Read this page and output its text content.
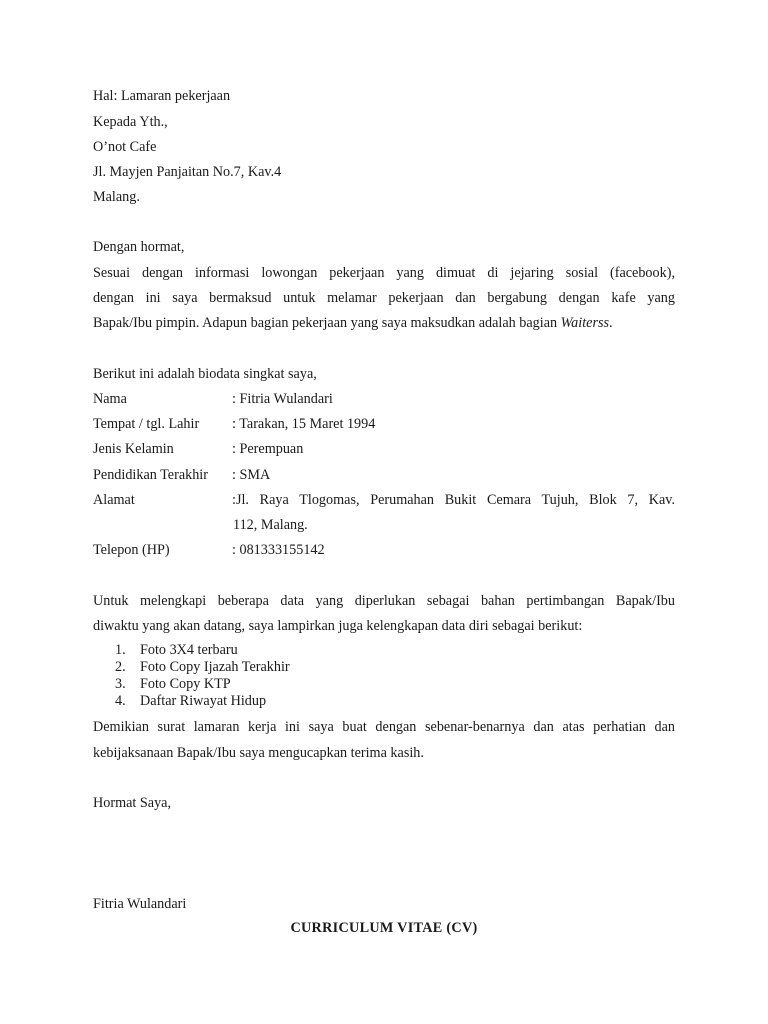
Hal: Lamaran pekerjaan
Kepada Yth.,
O’not Cafe
Jl. Mayjen Panjaitan No.7, Kav.4
Malang.
Dengan hormat,
Sesuai dengan informasi lowongan pekerjaan yang dimuat di jejaring sosial (facebook),
dengan ini saya bermaksud untuk melamar pekerjaan dan bergabung dengan kafe yang
Bapak/Ibu pimpin. Adapun bagian pekerjaan yang saya maksudkan adalah bagian Waiterss.
Berikut ini adalah biodata singkat saya,
Nama	: Fitria Wulandari
Tempat / tgl. Lahir : Tarakan, 15 Maret 1994
Jenis Kelamin	: Perempuan
Pendidikan Terakhir : SMA
Alamat	:Jl. Raya Tlogomas, Perumahan Bukit Cemara Tujuh, Blok 7, Kav.
112, Malang.
Telepon (HP)	: 081333155142
Untuk melengkapi beberapa data yang diperlukan sebagai bahan pertimbangan Bapak/Ibu
diwaktu yang akan datang, saya lampirkan juga kelengkapan data diri sebagai berikut:
1. Foto 3X4 terbaru
2. Foto Copy Ijazah Terakhir
3. Foto Copy KTP
4. Daftar Riwayat Hidup
Demikian surat lamaran kerja ini saya buat dengan sebenar-benarnya dan atas perhatian dan
kebijaksanaan Bapak/Ibu saya mengucapkan terima kasih.
Hormat Saya,
Fitria Wulandari
CURRICULUM VITAE (CV)
